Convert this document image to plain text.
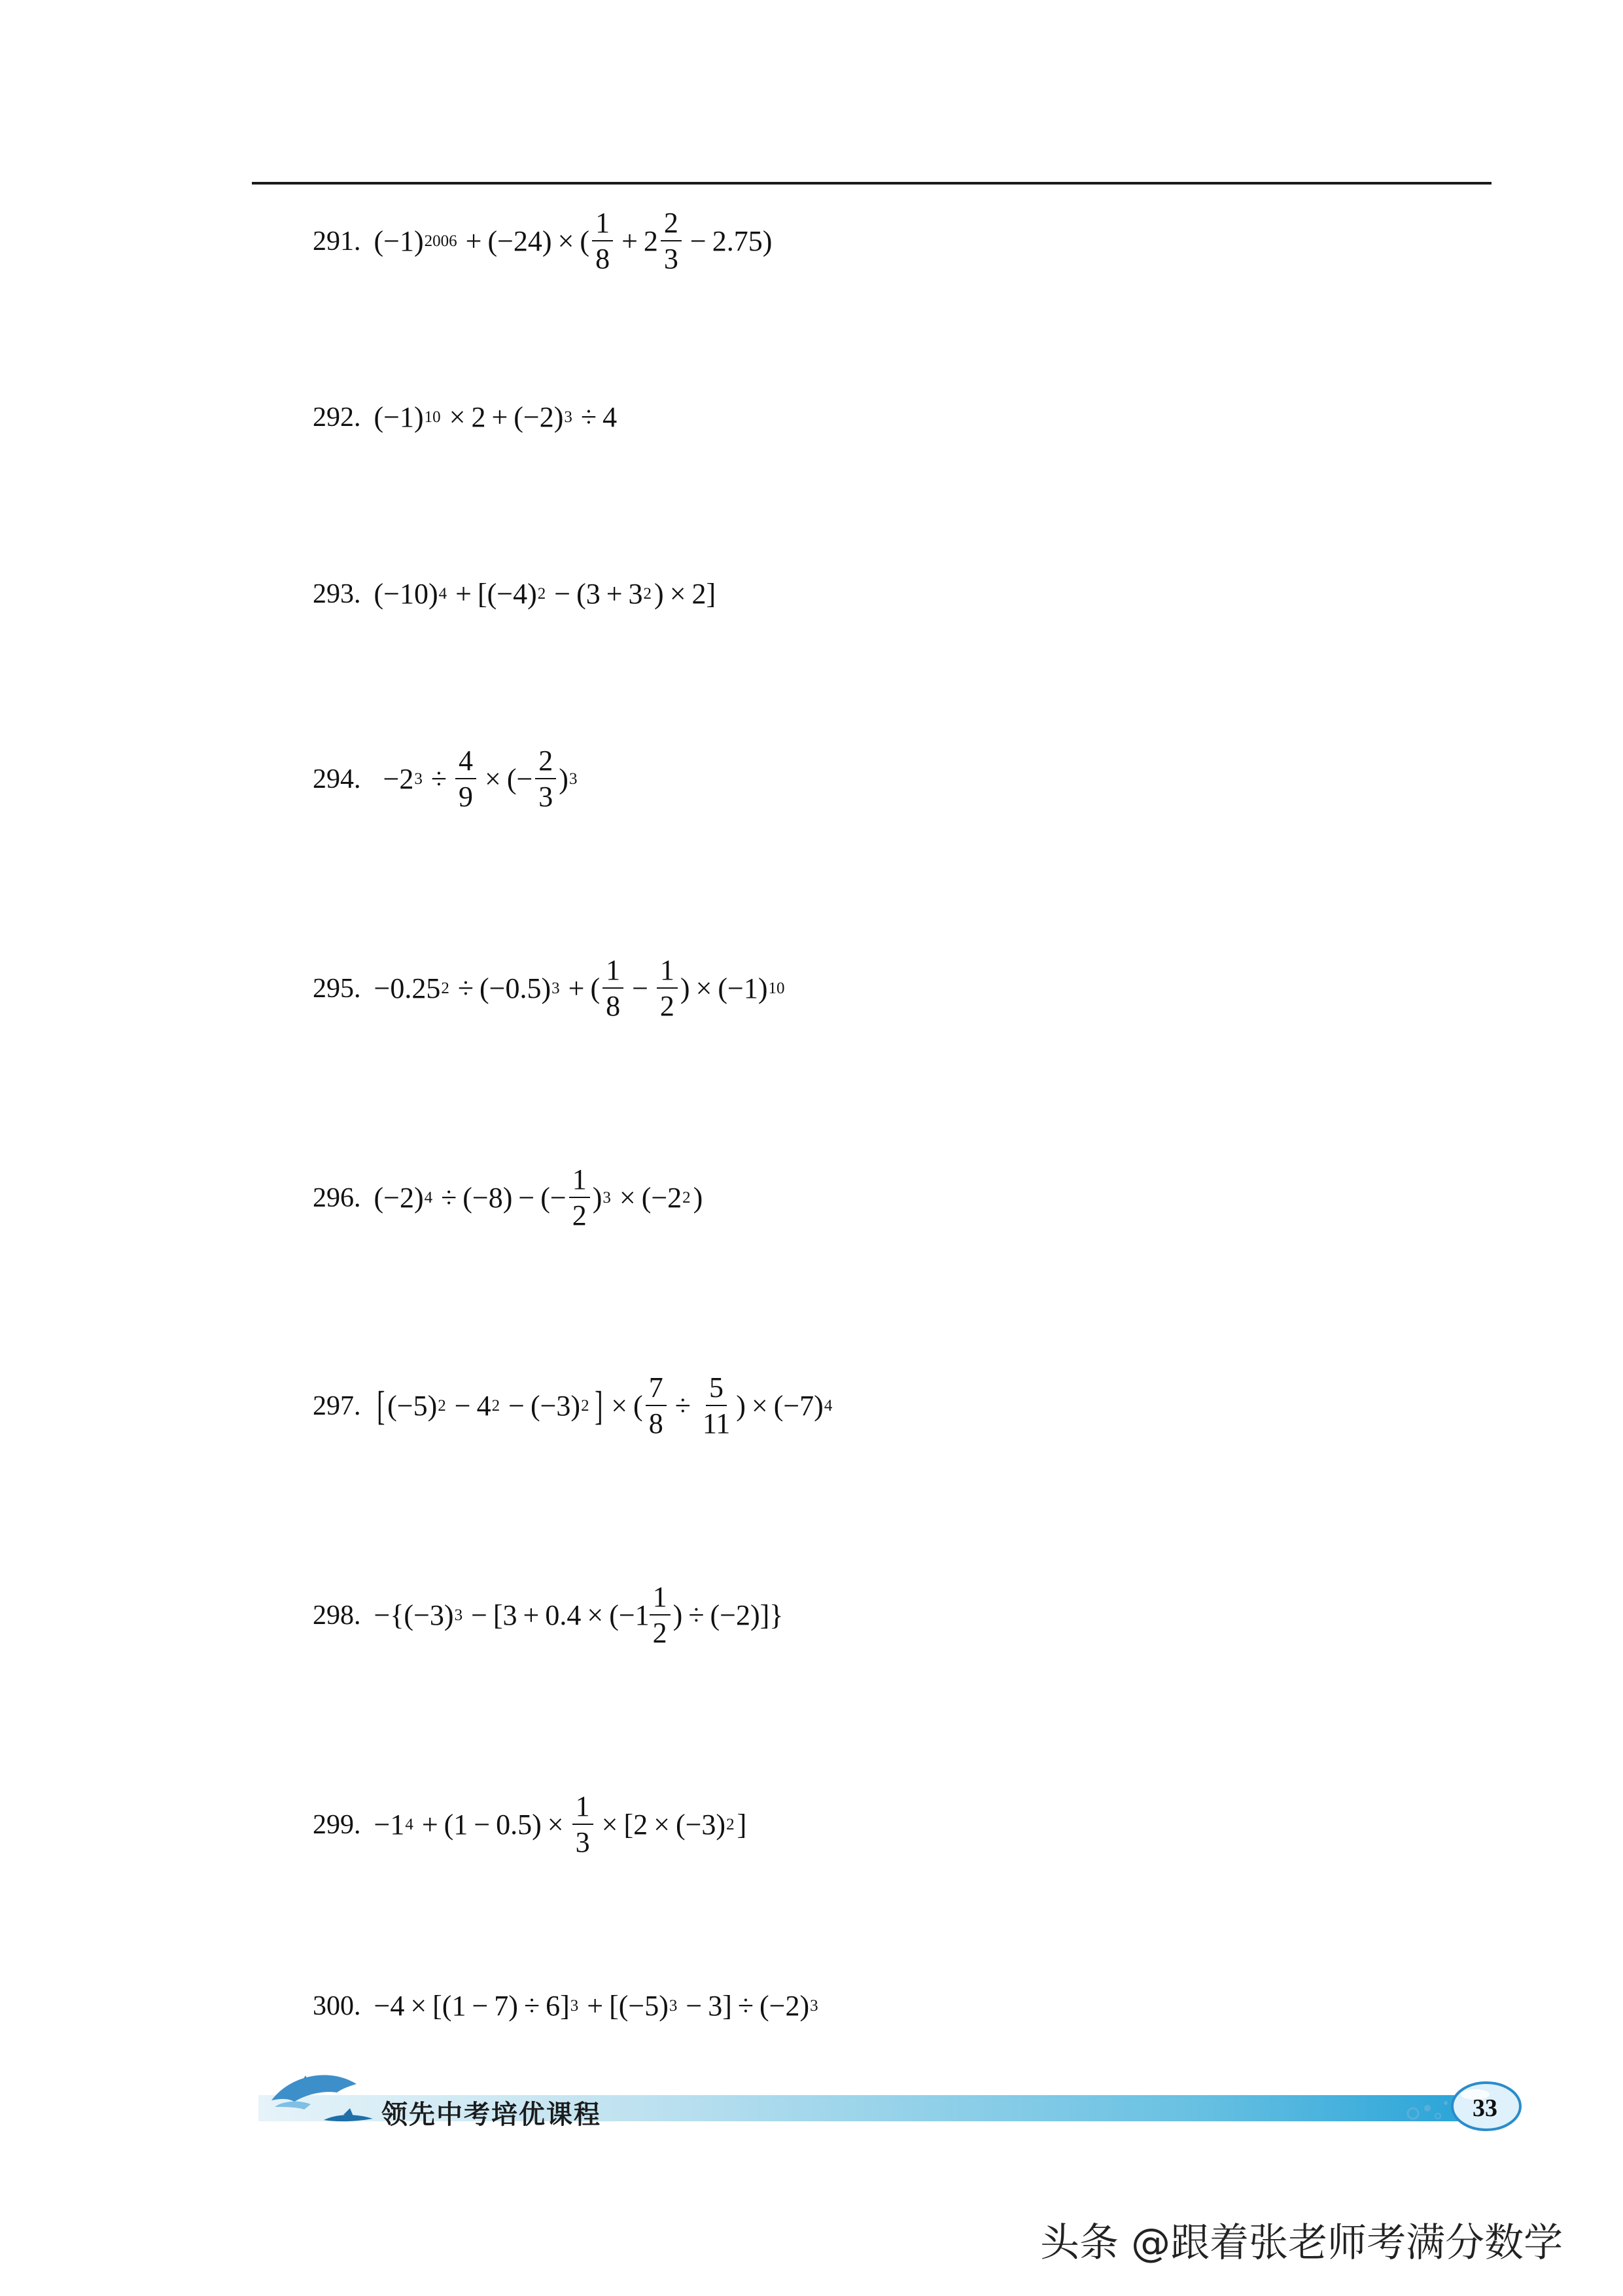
291. (−1) 2006 + (−24) × ( $\frac{1}{8} + 2 \frac{2}{3} - 2.75$)
292. (−1) 10 × 2 + (−2) 3 ÷ 4
293. (−10) 4 + [(−4) 2 − (3 + 3 2 ) × 2]
294. −2 $3 \div \frac{4}{9}$ × (− $\frac{2}{3}$ ) 3
295. −0.25 2 ÷ (−0.5) 3 + ( $\frac{1}{8} - \frac{1}{2}$ ) × (−1) 10
296. (−2) 4 ÷ (−8) − (− $\frac{1}{2}$ ) 3 × (−2 2 )
297. [ (−5) 2 − 4 2 − (−3) 2 ] × ( $\frac{7}{8} \div \frac{5}{11}$ ) × (−7) 4
298. −{(−3) $3 - [3 + 0.4 \times (-1 \frac{1}{2}$ ) ÷ (−2)]}
299. −1 $4 + (1 - 0.5) \times \frac{1}{3} \times [2 \times (-3)$ 2 ]
300. −4 × [(1 − 7) ÷ 6] 3 + [(−5) 3 − 3] ÷ (−2) 3
领先中考培优课程	33
头条 @跟着张老师考满分数学
